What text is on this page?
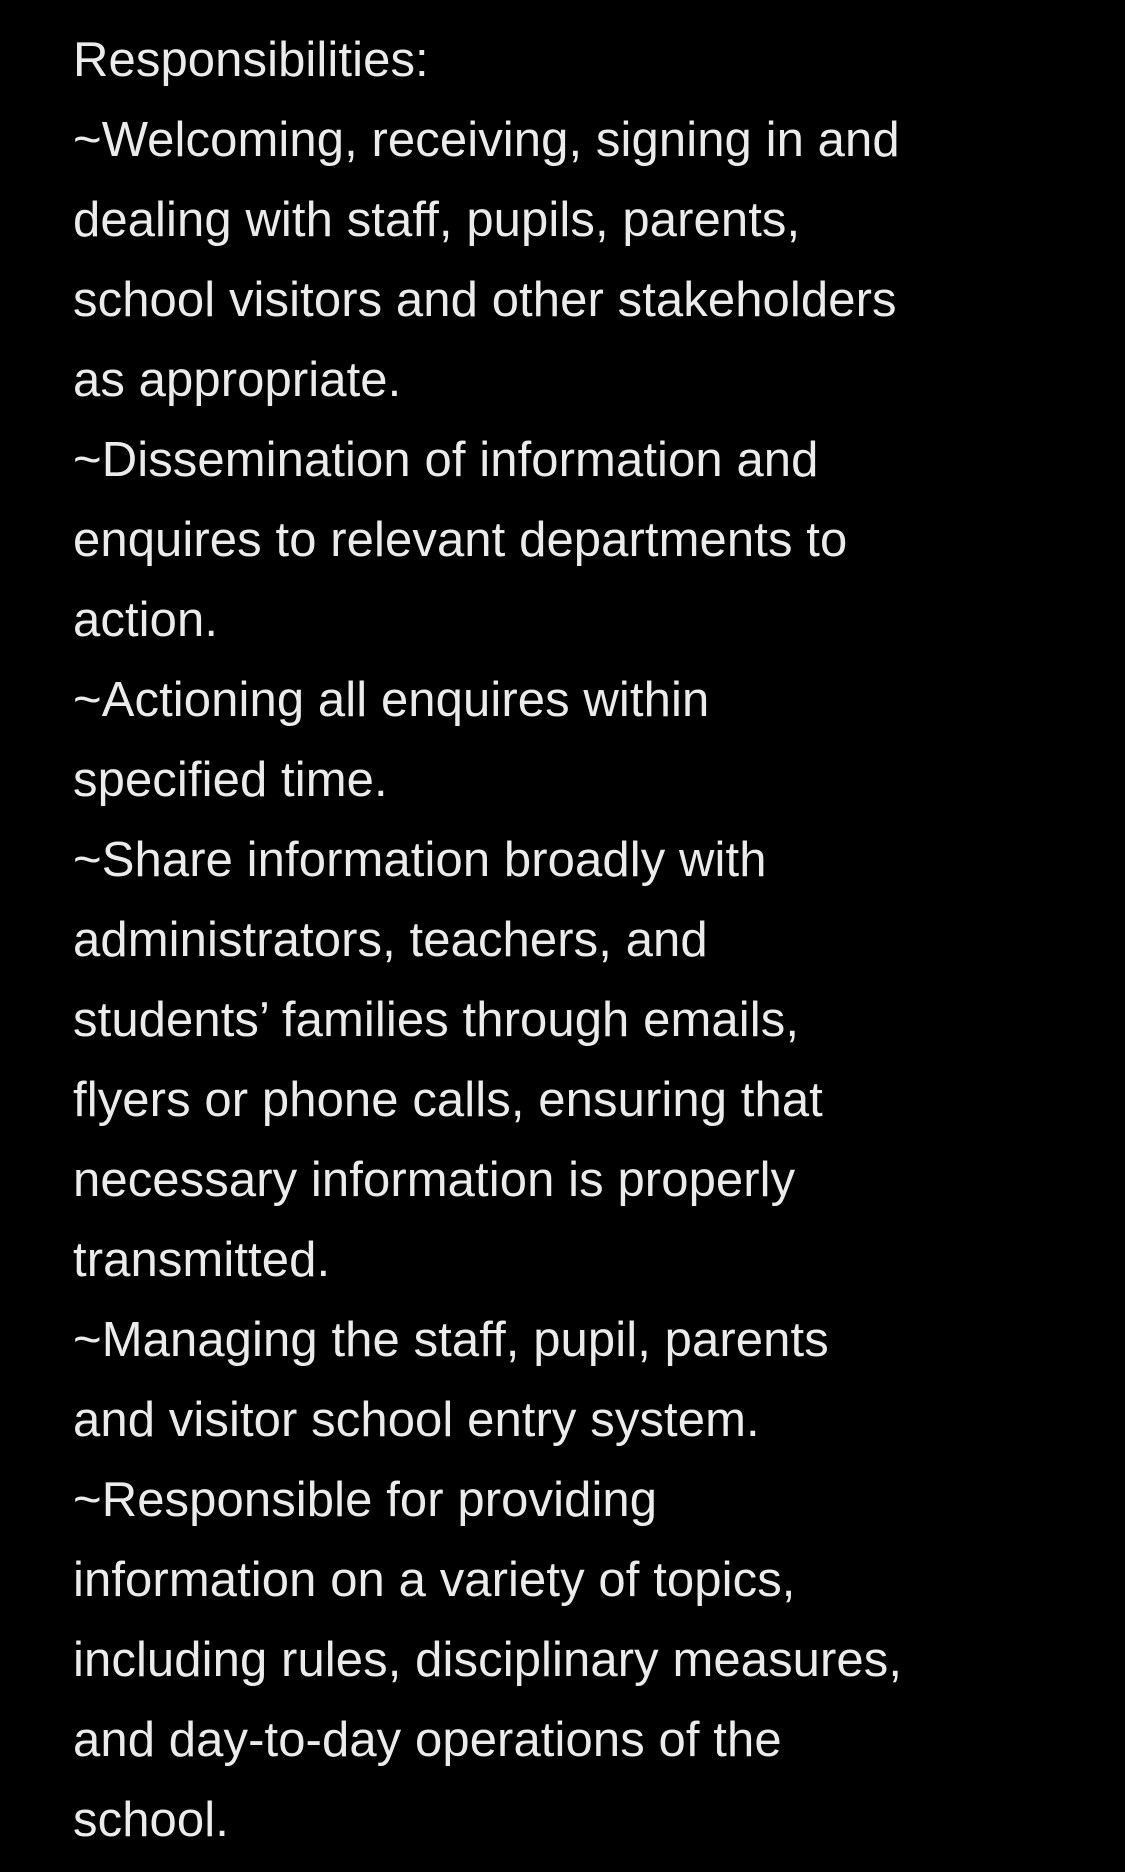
Responsibilities:
~Welcoming, receiving, signing in and
dealing with staff, pupils, parents,
school visitors and other stakeholders
as appropriate.
~Dissemination of information and
enquires to relevant departments to
action.
~Actioning all enquires within
specified time.
~Share information broadly with
administrators, teachers, and
students’ families through emails,
flyers or phone calls, ensuring that
necessary information is properly
transmitted.
~Managing the staff, pupil, parents
and visitor school entry system.
~Responsible for providing
information on a variety of topics,
including rules, disciplinary measures,
and day-to-day operations of the
school.
